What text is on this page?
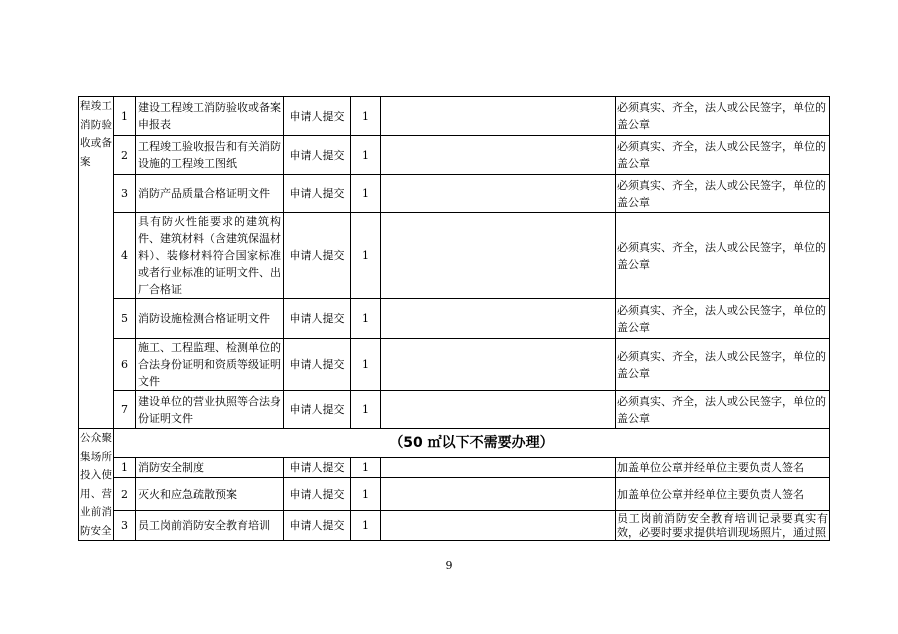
程竣工消防验收或备案	1	建设工程竣工消防验收或备案申报表	申请人提交	1		必须真实、齐全，法人或公民签字，单位的盖公章
	2	工程竣工验收报告和有关消防设施的工程竣工图纸	申请人提交	1		必须真实、齐全，法人或公民签字，单位的盖公章
	3	消防产品质量合格证明文件	申请人提交	1		必须真实、齐全，法人或公民签字，单位的盖公章
	4	具有防火性能要求的建筑构件、建筑材料（含建筑保温材料）、装修材料符合国家标准或者行业标准的证明文件、出厂合格证	申请人提交	1		必须真实、齐全，法人或公民签字，单位的盖公章
	5	消防设施检测合格证明文件	申请人提交	1		必须真实、齐全，法人或公民签字，单位的盖公章
	6	施工、工程监理、检测单位的合法身份证明和资质等级证明文件	申请人提交	1		必须真实、齐全，法人或公民签字，单位的盖公章
	7	建设单位的营业执照等合法身份证明文件	申请人提交	1		必须真实、齐全，法人或公民签字，单位的盖公章
公众聚集场所投入使用、营业前消防安全	（50 ㎡以下不需要办理）					
	1	消防安全制度	申请人提交	1		加盖单位公章并经单位主要负责人签名
	2	灭火和应急疏散预案	申请人提交	1		加盖单位公章并经单位主要负责人签名
	3	员工岗前消防安全教育培训	申请人提交	1		员工岗前消防安全教育培训记录要真实有效，必要时要求提供培训现场照片，通过照
9
